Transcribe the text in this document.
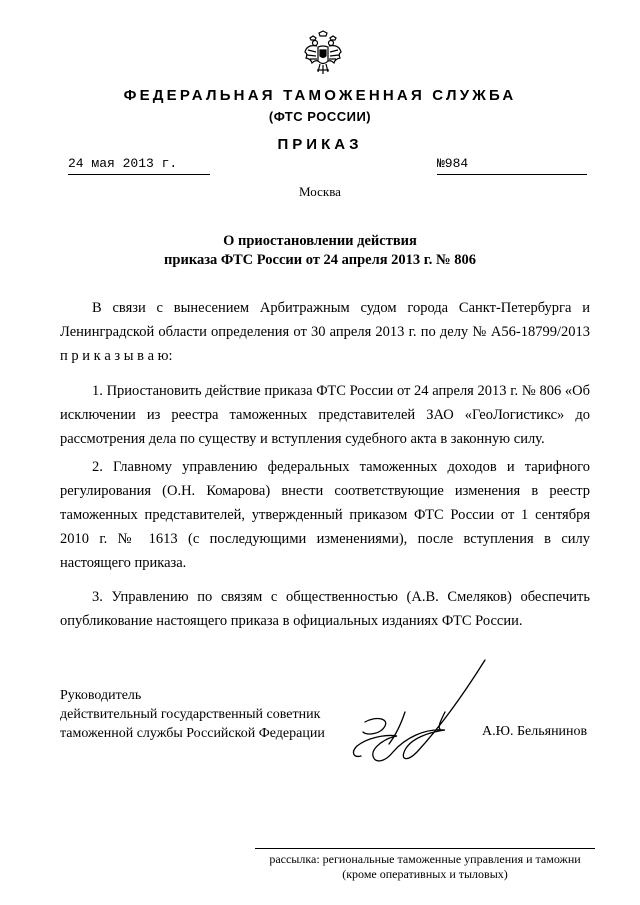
ФЕДЕРАЛЬНАЯ ТАМОЖЕННАЯ СЛУЖБА
(ФТС РОССИИ)
ПРИКАЗ
24 мая 2013 г.	№984
Москва
О приостановлении действия
приказа ФТС России от 24 апреля 2013 г. № 806

В связи с вынесением Арбитражным судом города Санкт-Петербурга и Ленинградской области определения от 30 апреля 2013 г. по делу № А56-18799/2013 п р и к а з ы в а ю:

1. Приостановить действие приказа ФТС России от 24 апреля 2013 г. № 806 «Об исключении из реестра таможенных представителей ЗАО «ГеоЛогистикс» до рассмотрения дела по существу и вступления судебного акта в законную силу.

2. Главному управлению федеральных таможенных доходов и тарифного регулирования (О.Н. Комарова) внести соответствующие изменения в реестр таможенных представителей, утвержденный приказом ФТС России от 1 сентября 2010 г. № 1613 (с последующими изменениями), после вступления в силу настоящего приказа.

3. Управлению по связям с общественностью (А.В. Смеляков) обеспечить опубликование настоящего приказа в официальных изданиях ФТС России.

Руководитель
действительный государственный советник
таможенной службы Российской Федерации	А.Ю. Бельянинов
рассылка: региональные таможенные управления и таможни
(кроме оперативных и тыловых)
